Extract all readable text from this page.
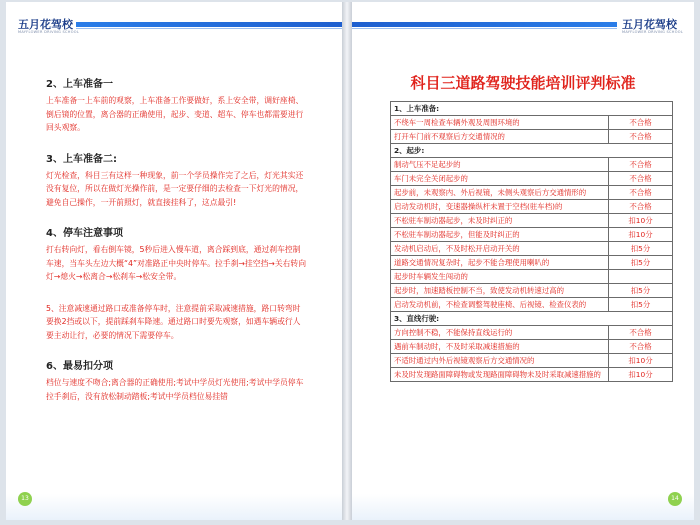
五月花驾校
MAYFLOWER DRIVING SCHOOL
2、上车准备一
上车准备一上车前的观察，上车准备工作要做好，系上安全带，调好座椅、倒后镜的位置，离合器的正确使用，起步、变道、超车、停车也都需要进行回头观察。
3、上车准备二:
灯光检查，科目三有这样一种现象，前一个学员操作完了之后，灯光其实还没有复位，所以在做灯光操作前，是一定要仔细的去检查一下灯光的情况，避免自己操作，一开前照灯，就直接挂科了，这点最引!
4、停车注意事项
打右转向灯，看右倒车镜，5秒后进入慢车道，离合踩到底，通过刹车控制车速，当车头左边大概“4”对准路正中央时停车。拉手刹→挂空挡→关右转向灯→熄火→松离合→松刹车→松安全带。
5、注意减速通过路口或准备停车时，注意提前采取减速措施，路口转弯时要换2挡或以下，提前踩刹车降速。通过路口时要先观察，如遇车辆或行人要主动让行，必要的情况下需要停车。
6、最易扣分项
档位与速度不吻合;离合器的正确使用;考试中学员灯光使用;考试中学员停车拉手刹后，没有放松制动踏板;考试中学员档位易挂错
13
五月花驾校
MAYFLOWER DRIVING SCHOOL
科目三道路驾驶技能培训评判标准
1、上车准备:	
不绕车一周检查车辆外观及周围环境的	不合格
打开车门前不观察后方交通情况的	不合格
2、起步:	
制动气压不足起步的	不合格
车门未完全关闭起步的	不合格
起步前，未观察内、外后视镜，未侧头观察后方交通情形的	不合格
启动发动机时，变速器操纵杆未置于空档(驻车档)的	不合格
不松驻车制动器起步，未及时纠正的	扣10分
不松驻车制动器起步，但能及时纠正的	扣10分
发动机启动后，不及时松开启动开关的	扣5分
道路交通情况复杂时，起步不能合理使用喇叭的	扣5分
起步时车辆发生闯动的	
起步时，加速踏板控制不当，致使发动机转速过高的	扣5分
启动发动机前，不检查调整驾驶座椅、后视镜、检查仪表的	扣5分
3、直线行驶:	
方向控制不稳，不能保持直线运行的	不合格
遇前车制动时，不及时采取减速措施的	不合格
不适时通过内外后视镜观察后方交通情况的	扣10分
未及时发现路面障碍物或发现路面障碍物未及时采取减速措施的	扣10分
14
